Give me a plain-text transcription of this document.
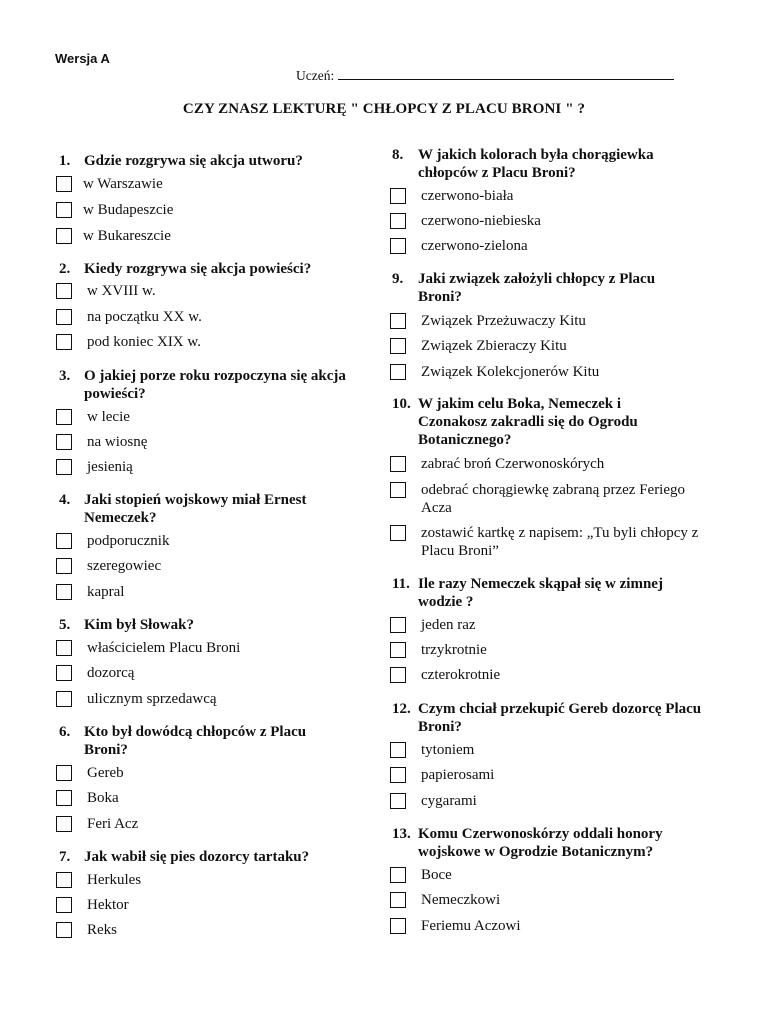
Wersja A
Uczeń:
CZY ZNASZ LEKTURĘ " CHŁOPCY Z PLACU BRONI " ?
1. Gdzie rozgrywa się akcja utworu?
w Warszawie
w Budapeszcie
w Bukareszcie
2. Kiedy rozgrywa się akcja powieści?
w XVIII w.
na początku XX w.
pod koniec XIX w.
3. O jakiej porze roku rozpoczyna się akcja powieści?
w lecie
na wiosnę
jesienią
4. Jaki stopień wojskowy miał Ernest Nemeczek?
podporucznik
szeregowiec
kapral
5. Kim był Słowak?
właścicielem Placu Broni
dozorcą
ulicznym sprzedawcą
6. Kto był dowódcą chłopców z Placu Broni?
Gereb
Boka
Feri Acz
7. Jak wabił się pies dozorcy tartaku?
Herkules
Hektor
Reks
8. W jakich kolorach była chorągiewka chłopców z Placu Broni?
czerwono-biała
czerwono-niebieska
czerwono-zielona
9. Jaki związek założyli chłopcy z Placu Broni?
Związek Przeżuwaczy Kitu
Związek Zbieraczy Kitu
Związek Kolekcjonerów Kitu
10. W jakim celu Boka, Nemeczek i Czonakosz zakradli się do Ogrodu Botanicznego?
zabrać broń Czerwonoskórych
odebrać chorągiewkę zabraną przez Feriego Acza
zostawić kartkę z napisem: „Tu byli chłopcy z Placu Broni”
11. Ile razy Nemeczek skąpał się w zimnej wodzie ?
jeden raz
trzykrotnie
czterokrotnie
12. Czym chciał przekupić Gereb dozorcę Placu Broni?
tytoniem
papierosami
cygarami
13. Komu Czerwonoskórzy oddali honory wojskowe w Ogrodzie Botanicznym?
Boce
Nemeczkowi
Feriemu Aczowi
